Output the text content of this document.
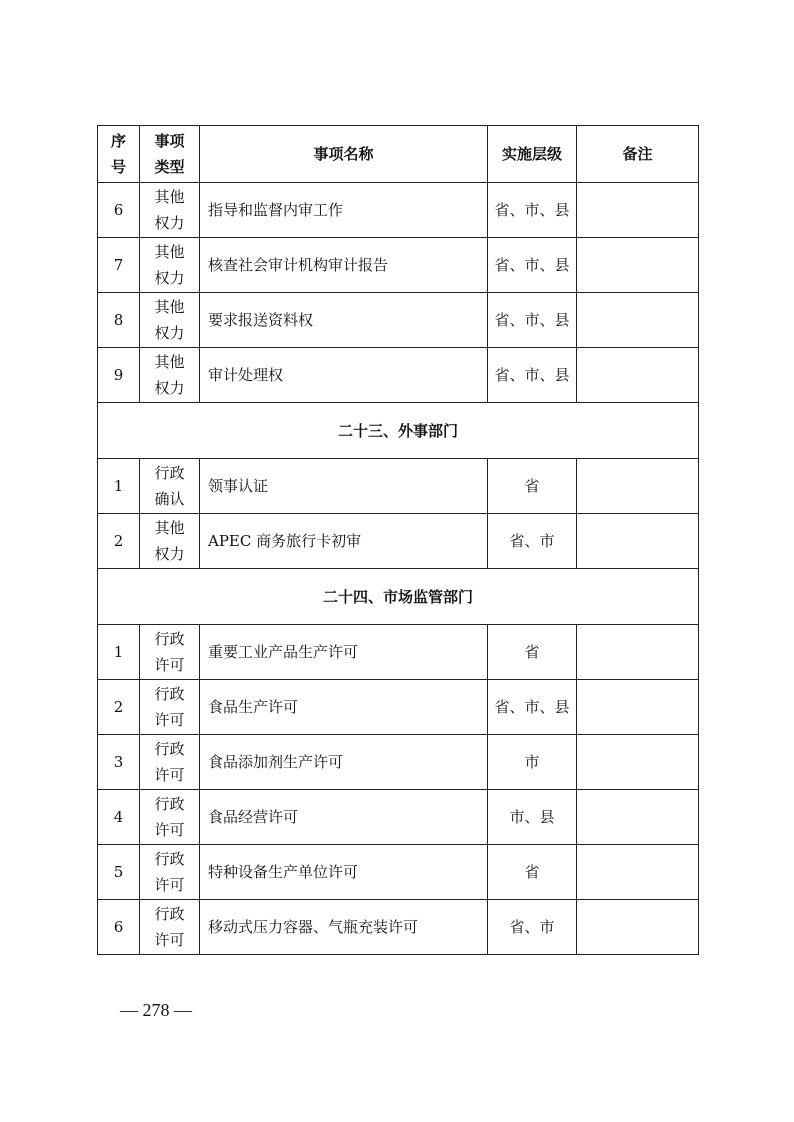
序号	事项类型	事项名称	实施层级	备注
6	其他权力	指导和监督内审工作	省、市、县	
7	其他权力	核查社会审计机构审计报告	省、市、县	
8	其他权力	要求报送资料权	省、市、县	
9	其他权力	审计处理权	省、市、县	
二十三、外事部门				
1	行政确认	领事认证	省	
2	其他权力	APEC 商务旅行卡初审	省、市	
二十四、市场监管部门				
1	行政许可	重要工业产品生产许可	省	
2	行政许可	食品生产许可	省、市、县	
3	行政许可	食品添加剂生产许可	市	
4	行政许可	食品经营许可	市、县	
5	行政许可	特种设备生产单位许可	省	
6	行政许可	移动式压力容器、气瓶充装许可	省、市	
— 278 —
